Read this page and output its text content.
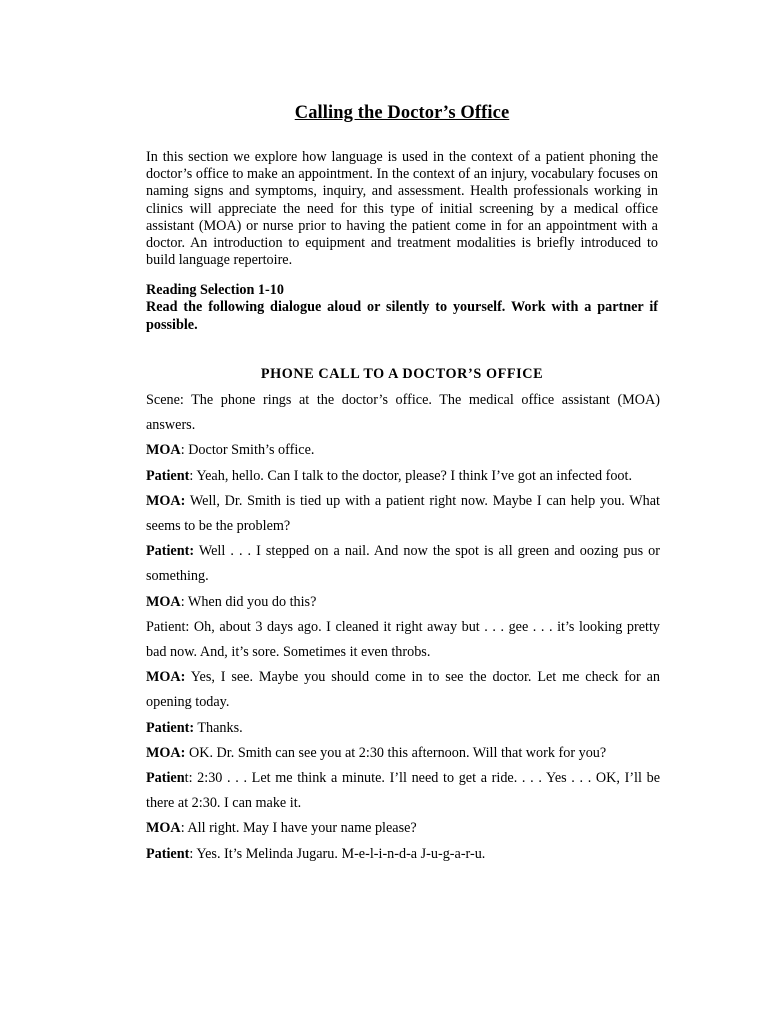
Calling the Doctor’s Office

In this section we explore how language is used in the context of a patient phoning the doctor’s office to make an appointment. In the context of an injury, vocabulary focuses on naming signs and symptoms, inquiry, and assessment. Health professionals working in clinics will appreciate the need for this type of initial screening by a medical office assistant (MOA) or nurse prior to having the patient come in for an appointment with a doctor. An introduction to equipment and treatment modalities is briefly introduced to build language repertoire.

Reading Selection 1-10

Read the following dialogue aloud or silently to yourself. Work with a partner if possible.

PHONE CALL TO A DOCTOR’S OFFICE
Scene: The phone rings at the doctor’s office. The medical office assistant (MOA) answers.
MOA: Doctor Smith’s office.
Patient: Yeah, hello. Can I talk to the doctor, please? I think I’ve got an infected foot.
MOA: Well, Dr. Smith is tied up with a patient right now. Maybe I can help you. What seems to be the problem?
Patient: Well . . . I stepped on a nail. And now the spot is all green and oozing pus or something.
MOA: When did you do this?
Patient: Oh, about 3 days ago. I cleaned it right away but . . . gee . . . it’s looking pretty bad now. And, it’s sore. Sometimes it even throbs.
MOA: Yes, I see. Maybe you should come in to see the doctor. Let me check for an opening today.
Patient: Thanks.
MOA: OK. Dr. Smith can see you at 2:30 this afternoon. Will that work for you?
Patient: 2:30 . . . Let me think a minute. I’ll need to get a ride. . . . Yes . . . OK, I’ll be there at 2:30. I can make it.
MOA: All right. May I have your name please?
Patient: Yes. It’s Melinda Jugaru. M-e-l-i-n-d-a J-u-g-a-r-u.
